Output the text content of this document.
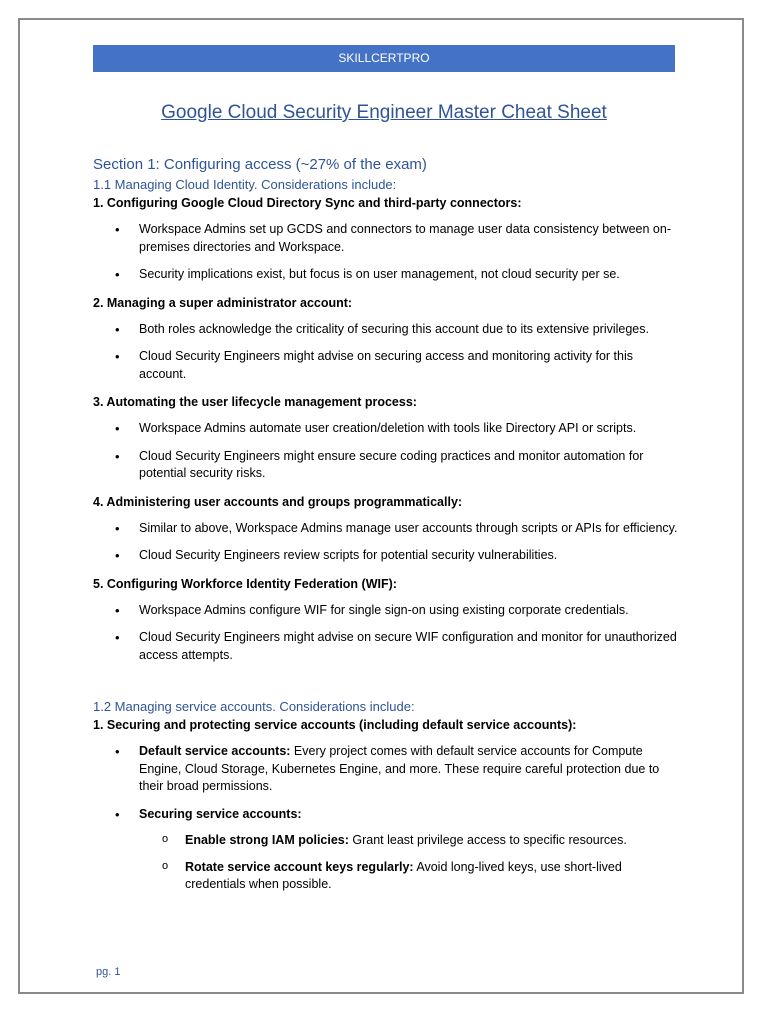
SKILLCERTPRO
Google Cloud Security Engineer Master Cheat Sheet

Section 1: Configuring access (~27% of the exam)

1.1 Managing Cloud Identity. Considerations include:

1. Configuring Google Cloud Directory Sync and third-party connectors:

• Workspace Admins set up GCDS and connectors to manage user data consistency between on-premises directories and Workspace.
• Security implications exist, but focus is on user management, not cloud security per se.

2. Managing a super administrator account:

• Both roles acknowledge the criticality of securing this account due to its extensive privileges.
• Cloud Security Engineers might advise on securing access and monitoring activity for this account.

3. Automating the user lifecycle management process:

• Workspace Admins automate user creation/deletion with tools like Directory API or scripts.
• Cloud Security Engineers might ensure secure coding practices and monitor automation for potential security risks.

4. Administering user accounts and groups programmatically:

• Similar to above, Workspace Admins manage user accounts through scripts or APIs for efficiency.
• Cloud Security Engineers review scripts for potential security vulnerabilities.

5. Configuring Workforce Identity Federation (WIF):

• Workspace Admins configure WIF for single sign-on using existing corporate credentials.
• Cloud Security Engineers might advise on secure WIF configuration and monitor for unauthorized access attempts.

1.2 Managing service accounts. Considerations include:

1. Securing and protecting service accounts (including default service accounts):

• Default service accounts: Every project comes with default service accounts for Compute Engine, Cloud Storage, Kubernetes Engine, and more. These require careful protection due to their broad permissions.
• Securing service accounts:
o Enable strong IAM policies: Grant least privilege access to specific resources.
o Rotate service account keys regularly: Avoid long-lived keys, use short-lived credentials when possible.
pg. 1
